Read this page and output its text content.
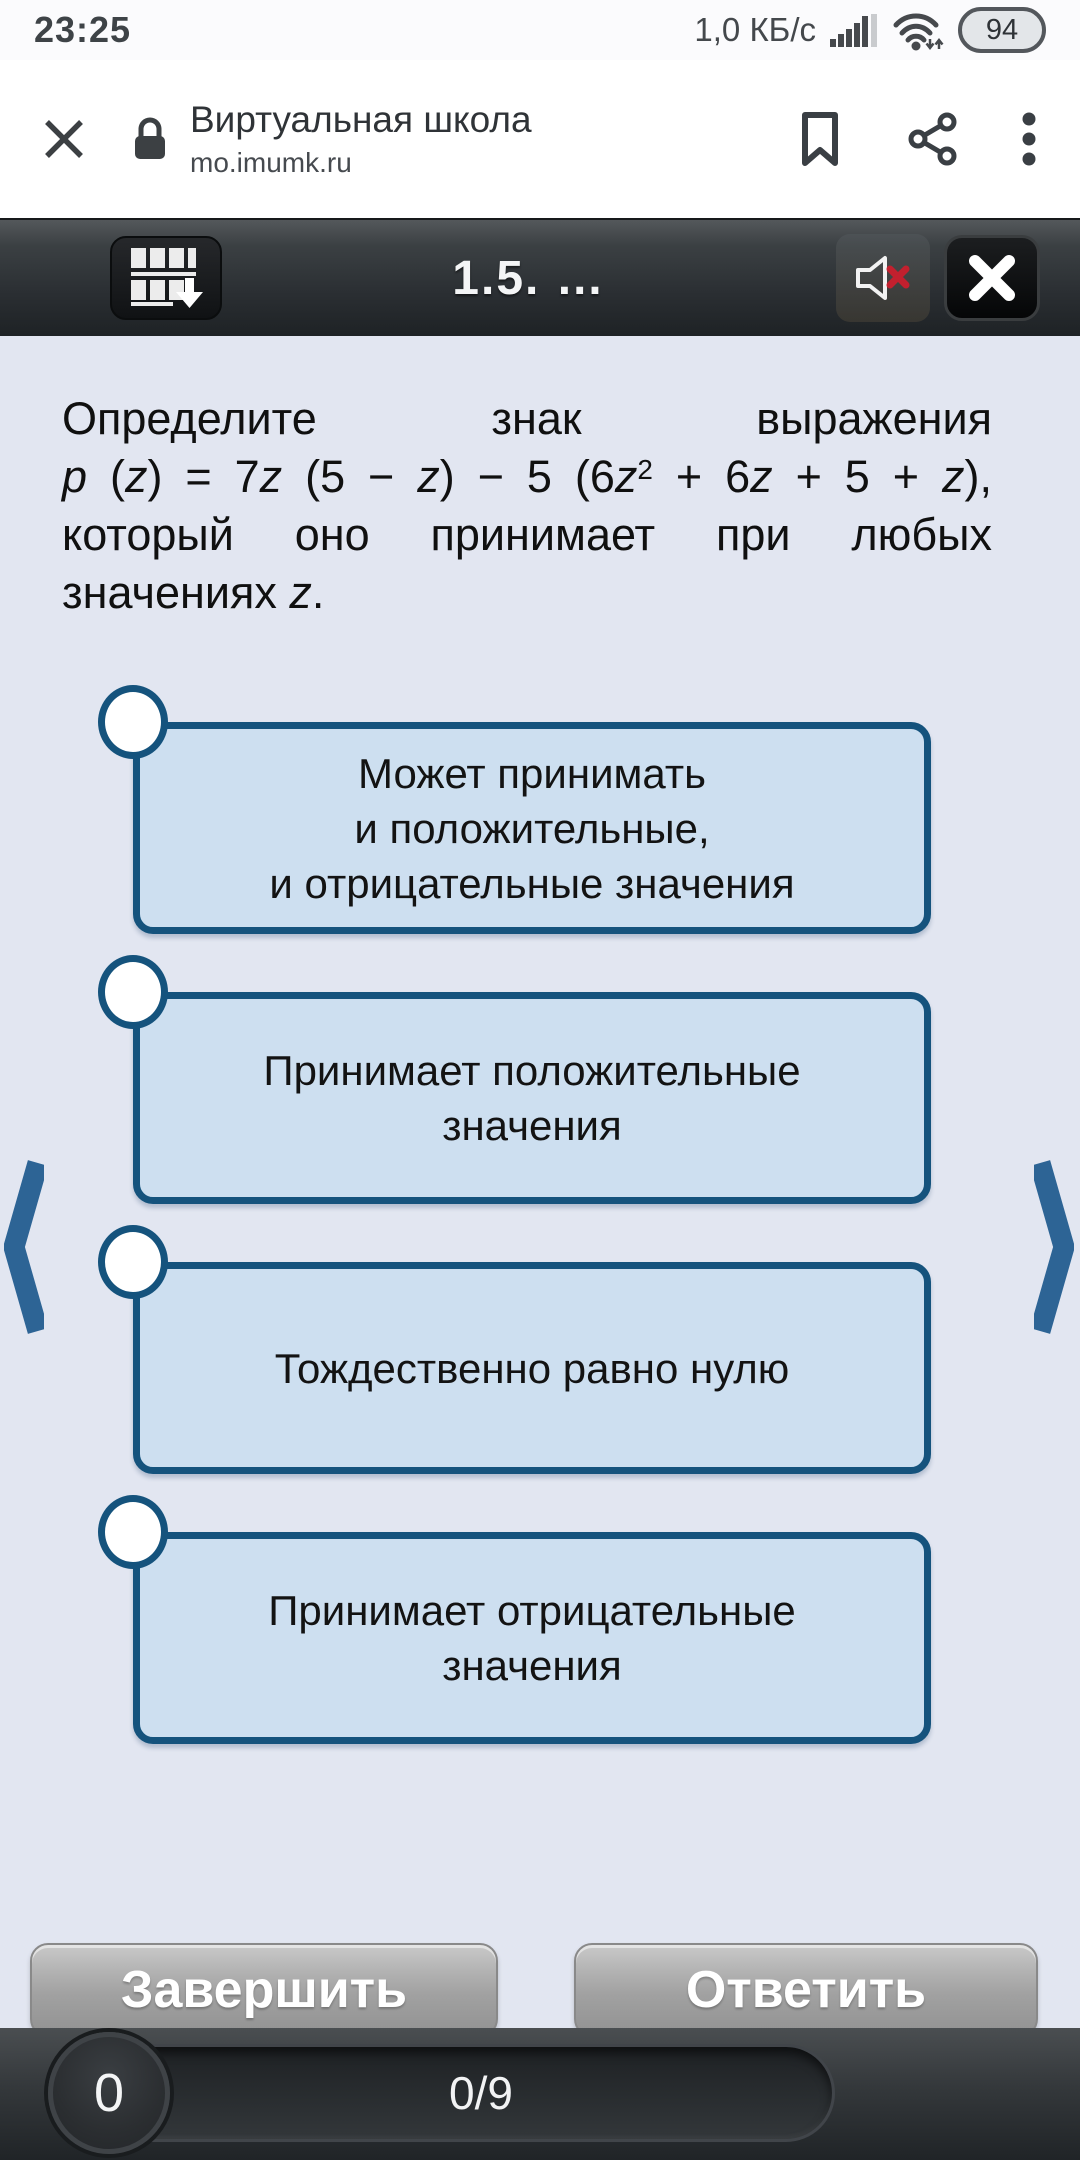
23:25	1,0 КБ/с	94
Виртуальная школа
mo.imumk.ru
1.5. …

Определите знак выражения p (z) = 7z (5 − z) − 5 $(6z^2 + 6z + 5 + z)$, который оно принимает при любых значениях z.

Может принимать
и положительные,
и отрицательные значения
Принимает положительные
значения
Тождественно равно нулю
Принимает отрицательные
значения
Завершить	Ответить
0	0/9
